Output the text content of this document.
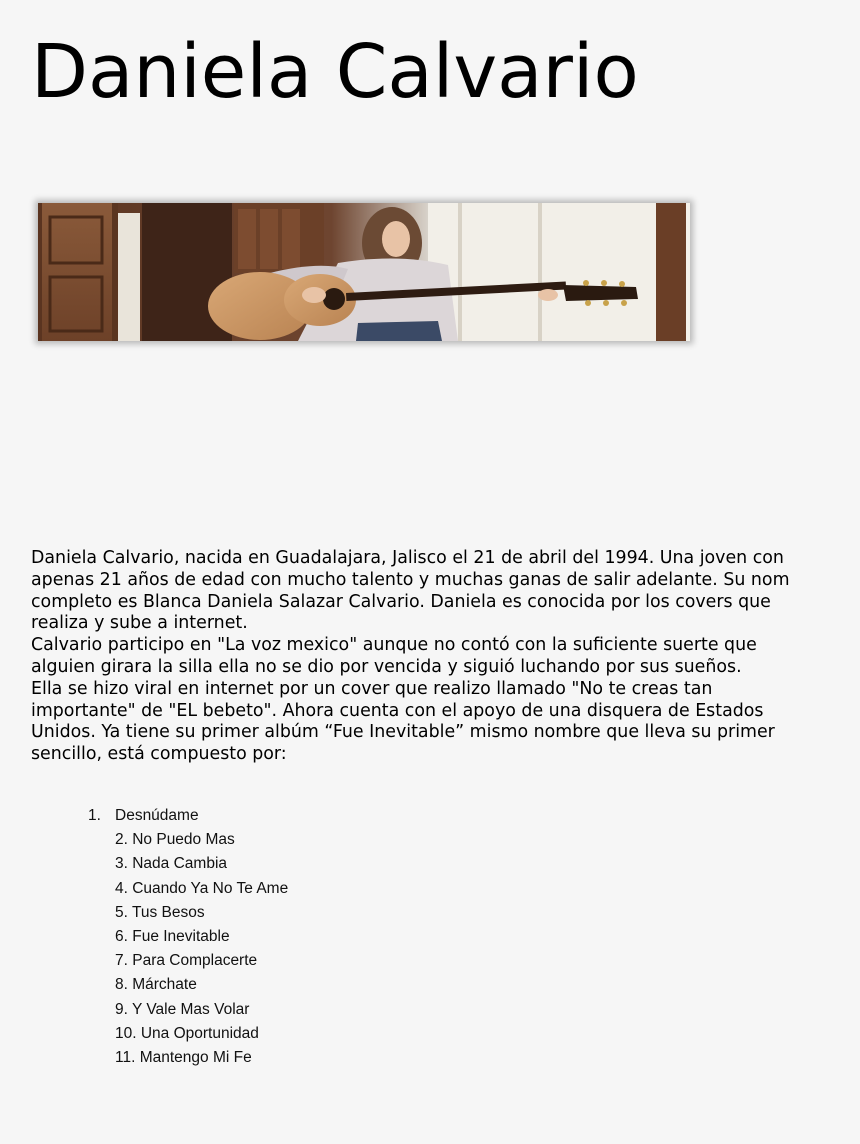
Daniela Calvario

Daniela Calvario, nacida en Guadalajara, Jalisco el 21 de abril del 1994. Una joven con

apenas 21 años de edad con mucho talento y muchas ganas de salir adelante. Su nom

completo es Blanca Daniela Salazar Calvario. Daniela es conocida por los covers que

realiza y sube a internet.

Calvario participo en "La voz mexico" aunque no contó con la suficiente suerte que

alguien girara la silla ella no se dio por vencida y siguió luchando por sus sueños.

Ella se hizo viral en internet por un cover que realizo llamado "No te creas tan

importante" de "EL bebeto". Ahora cuenta con el apoyo de una disquera de Estados

Unidos. Ya tiene su primer albúm “Fue Inevitable” mismo nombre que lleva su primer

sencillo, está compuesto por:

1. Desnúdame
2. No Puedo Mas
3. Nada Cambia
4. Cuando Ya No Te Ame
5. Tus Besos
6. Fue Inevitable
7. Para Complacerte
8. Márchate
9. Y Vale Mas Volar
10. Una Oportunidad
11. Mantengo Mi Fe
